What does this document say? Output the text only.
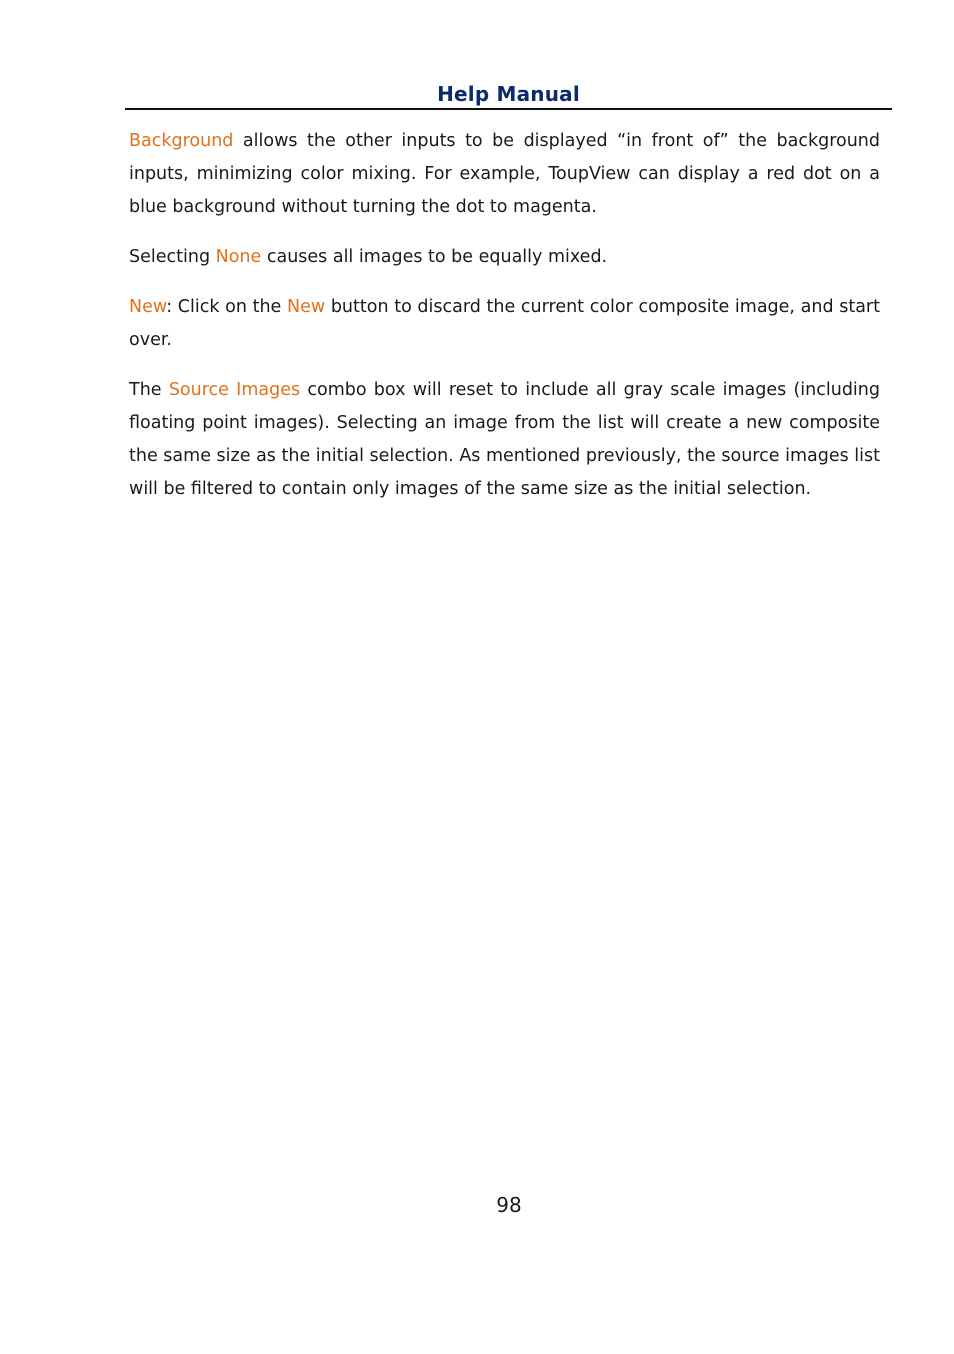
Help Manual

Background allows the other inputs to be displayed “in front of” the background inputs, minimizing color mixing. For example, ToupView can display a red dot on a blue background without turning the dot to magenta.

Selecting None causes all images to be equally mixed.

New: Click on the New button to discard the current color composite image, and start over.

The Source Images combo box will reset to include all gray scale images (including floating point images). Selecting an image from the list will create a new composite the same size as the initial selection. As mentioned previously, the source images list will be filtered to contain only images of the same size as the initial selection.

98
